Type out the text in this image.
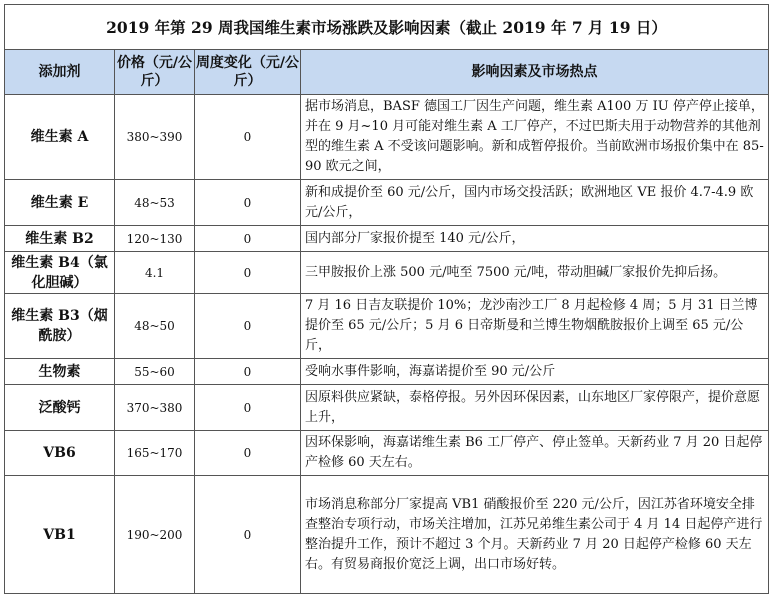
2019 年第 29 周我国维生素市场涨跌及影响因素（截止 2019 年 7 月 19 日）			
添加剂	价格（元/公斤）	周度变化（元/公斤）	影响因素及市场热点
维生素 A	380~390	0	据市场消息，BASF 德国工厂因生产问题，维生素 A100 万 IU 停产停止接单，并在 9 月~10 月可能对维生素 A 工厂停产，不过巴斯夫用于动物营养的其他剂型的维生素 A 不受该问题影响。新和成暂停报价。当前欧洲市场报价集中在 85-90 欧元之间，
维生素 E	48~53	0	新和成提价至 60 元/公斤，国内市场交投活跃；欧洲地区 VE 报价 4.7-4.9 欧元/公斤，
维生素 B2	120~130	0	国内部分厂家报价提至 140 元/公斤，
维生素 B4（氯化胆碱）	4.1	0	三甲胺报价上涨 500 元/吨至 7500 元/吨，带动胆碱厂家报价先抑后扬。
维生素 B3（烟酰胺）	48~50	0	7 月 16 日吉友联提价 10%；龙沙南沙工厂 8 月起检修 4 周；5 月 31 日兰博提价至 65 元/公斤；5 月 6 日帝斯曼和兰博生物烟酰胺报价上调至 65 元/公斤，
生物素	55~60	0	受响水事件影响，海嘉诺提价至 90 元/公斤
泛酸钙	370~380	0	因原料供应紧缺，泰格停报。另外因环保因素，山东地区厂家停限产，提价意愿上升，
VB6	165~170	0	因环保影响，海嘉诺维生素 B6 工厂停产、停止签单。天新药业 7 月 20 日起停产检修 60 天左右。
VB1	190~200	0	市场消息称部分厂家提高 VB1 硝酸报价至 220 元/公斤，因江苏省环境安全排查整治专项行动，市场关注增加，江苏兄弟维生素公司于 4 月 14 日起停产进行整治提升工作，预计不超过 3 个月。天新药业 7 月 20 日起停产检修 60 天左右。有贸易商报价宽泛上调，出口市场好转。
